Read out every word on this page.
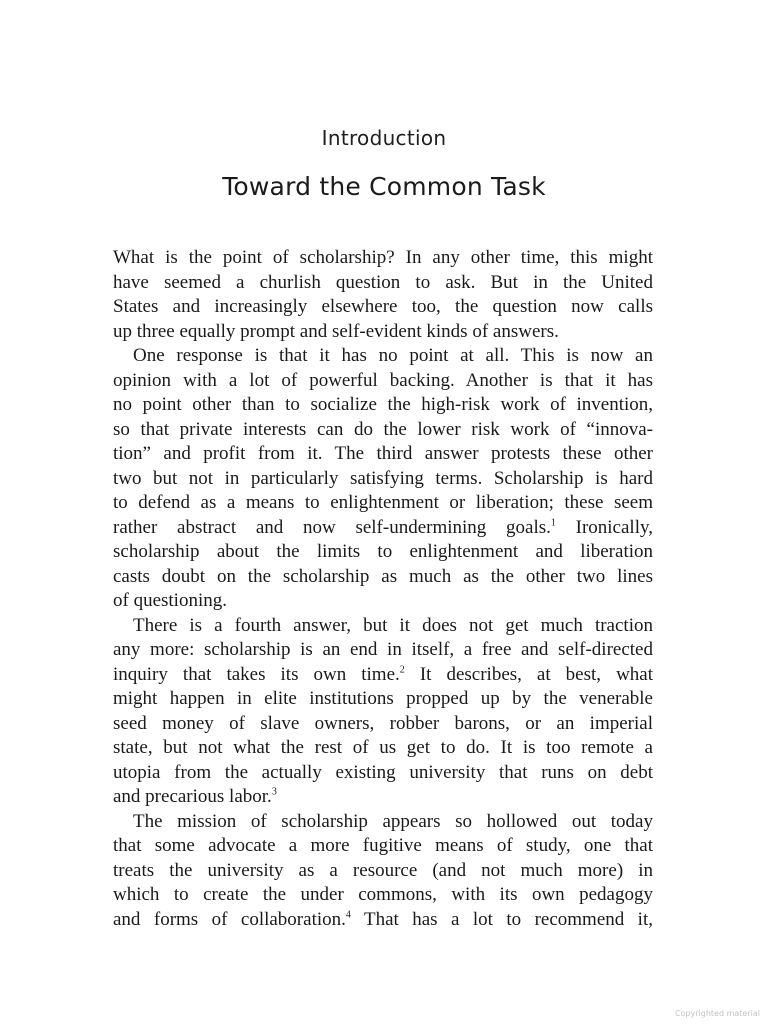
Introduction
Toward the Common Task
What is the point of scholarship? In any other time, this might
have seemed a churlish question to ask. But in the United
States and increasingly elsewhere too, the question now calls
up three equally prompt and self-evident kinds of answers.
One response is that it has no point at all. This is now an
opinion with a lot of powerful backing. Another is that it has
no point other than to socialize the high-risk work of invention,
so that private interests can do the lower risk work of “innova-
tion” and profit from it. The third answer protests these other
two but not in particularly satisfying terms. Scholarship is hard
to defend as a means to enlightenment or liberation; these seem
rather abstract and now self-undermining goals.$^1$ Ironically,
scholarship about the limits to enlightenment and liberation
casts doubt on the scholarship as much as the other two lines
of questioning.
There is a fourth answer, but it does not get much traction
any more: scholarship is an end in itself, a free and self-directed
inquiry that takes its own time.$^2$ It describes, at best, what
might happen in elite institutions propped up by the venerable
seed money of slave owners, robber barons, or an imperial
state, but not what the rest of us get to do. It is too remote a
utopia from the actually existing university that runs on debt
and precarious labor.$^3$
The mission of scholarship appears so hollowed out today
that some advocate a more fugitive means of study, one that
treats the university as a resource (and not much more) in
which to create the under commons, with its own pedagogy
and forms of collaboration.$^4$ That has a lot to recommend it,
Copyrighted material
